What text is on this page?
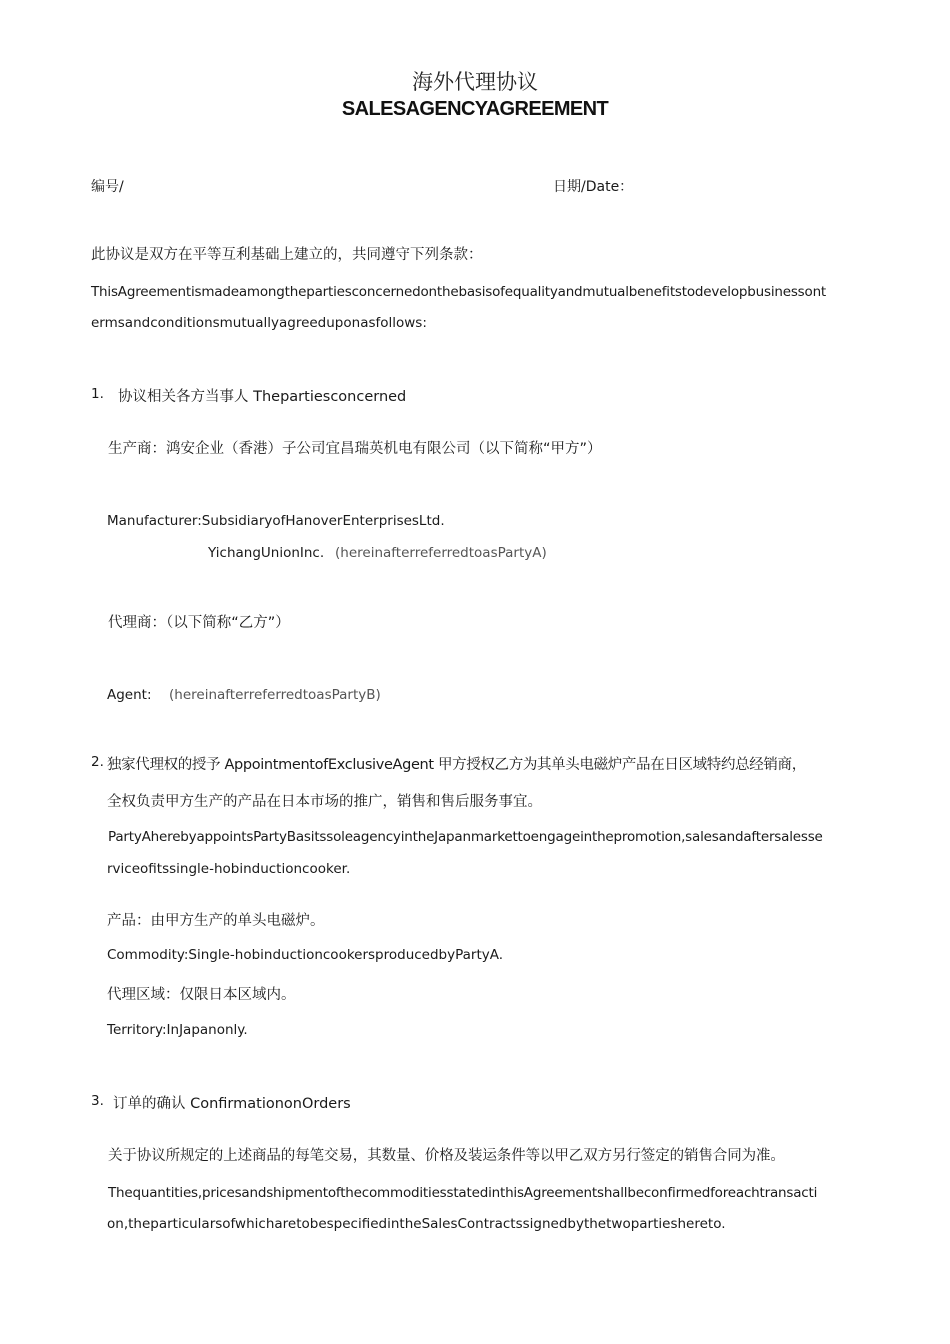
海外代理协议
SALESAGENCYAGREEMENT
编号/	日期/Date：
此协议是双方在平等互利基础上建立的，共同遵守下列条款：
ThisAgreementismadeamongthepartiesconcernedonthebasisofequalityandmutualbenefitstodevelopbusinessont
ermsandconditionsmutuallyagreeduponasfollows:
1. 协议相关各方当事人 Thepartiesconcerned
生产商：鸿安企业（香港）子公司宜昌瑞英机电有限公司（以下简称“甲方”）
Manufacturer:SubsidiaryofHanoverEnterprisesLtd.
YichangUnionInc. (hereinafterreferredtoasPartyA)
代理商：（以下简称“乙方”）
Agent: (hereinafterreferredtoasPartyB)
2. 独家代理权的授予 AppointmentofExclusiveAgent 甲方授权乙方为其单头电磁炉产品在日区域特约总经销商，
全权负责甲方生产的产品在日本市场的推广，销售和售后服务事宜。
PartyAherebyappointsPartyBasitssoleagencyintheJapanmarkettoengageinthepromotion,salesandaftersalesse
rviceofitssingle-hobinductioncooker.
产品：由甲方生产的单头电磁炉。
Commodity:Single-hobinductioncookersproducedbyPartyA.
代理区域：仅限日本区域内。
Territory:InJapanonly.
3. 订单的确认 ConfirmationonOrders
关于协议所规定的上述商品的每笔交易，其数量、价格及装运条件等以甲乙双方另行签定的销售合同为准。
Thequantities,pricesandshipmentofthecommoditiesstatedinthisAgreementshallbeconfirmedforeachtransacti
on,theparticularsofwhicharetobespecifiedintheSalesContractssignedbythetwopartieshereto.
